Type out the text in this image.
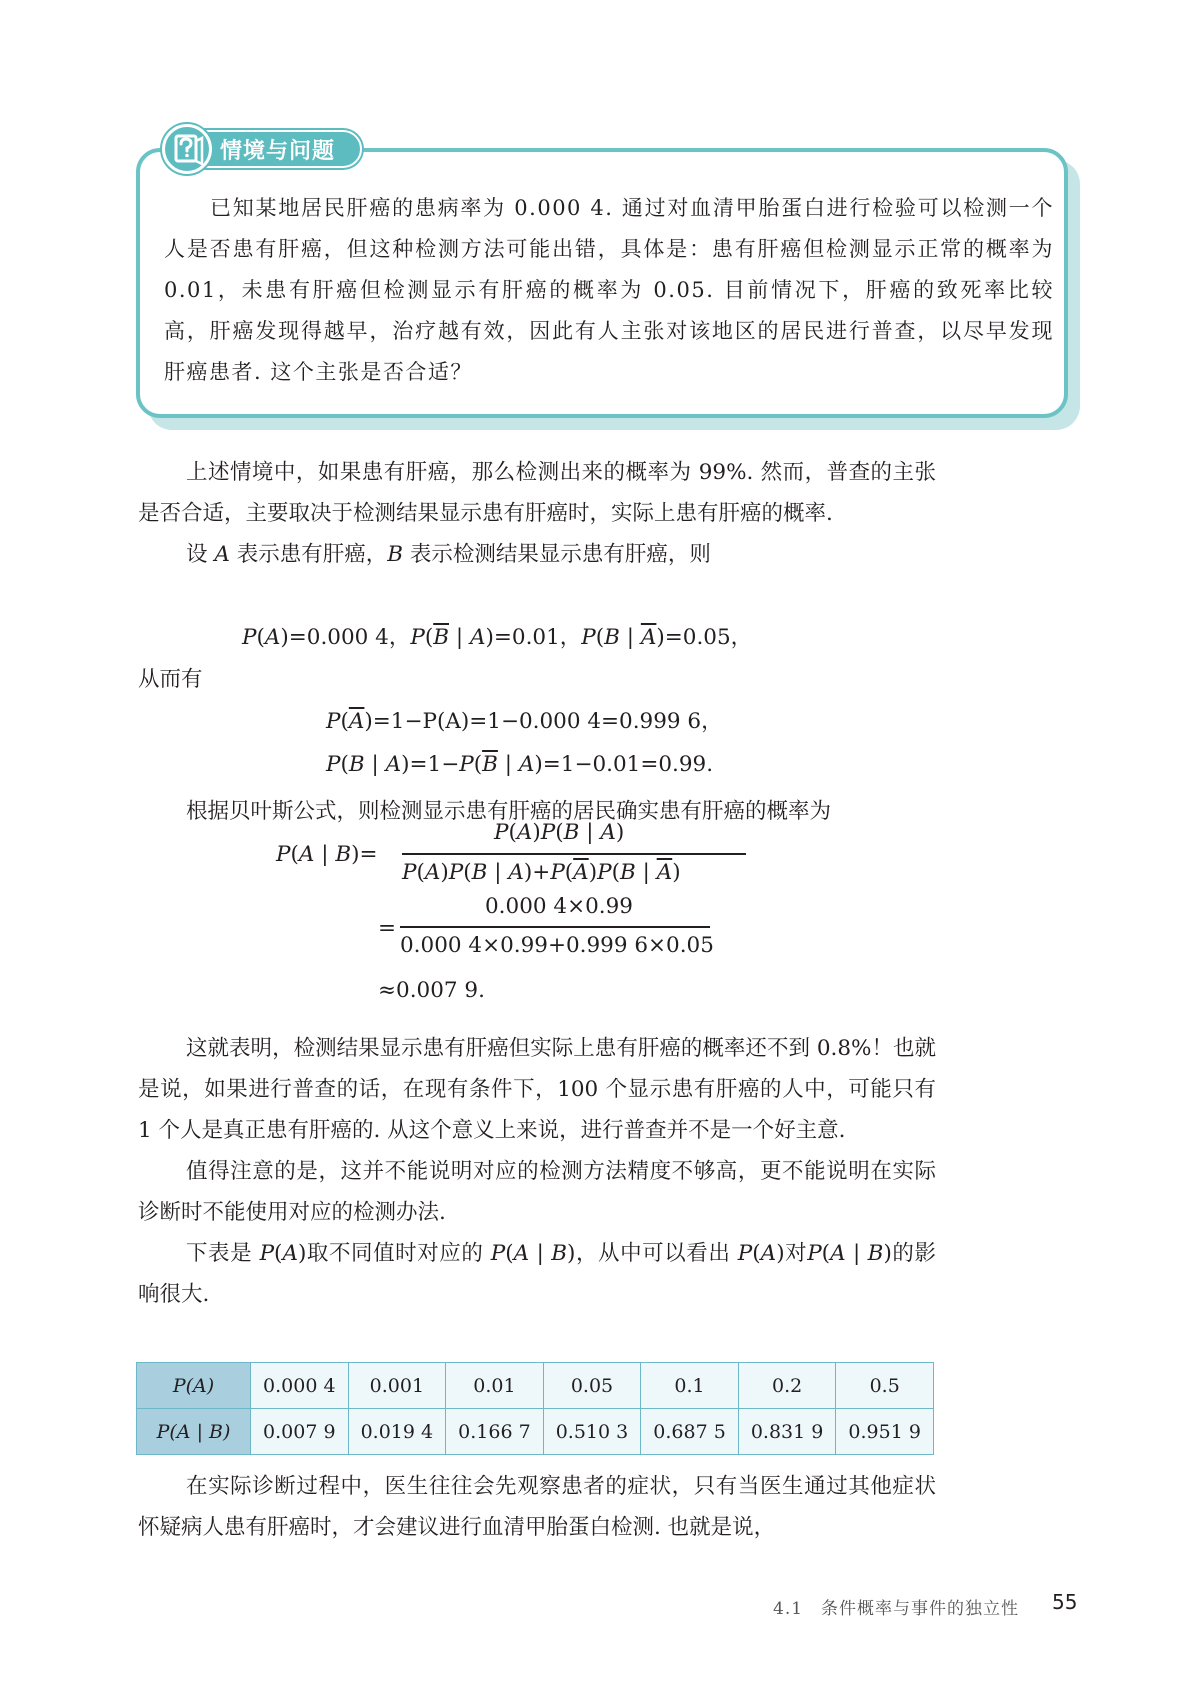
情境与问题
已知某地居民肝癌的患病率为 0.000 4. 通过对血清甲胎蛋白进行检验可以检测一个人是否患有肝癌，但这种检测方法可能出错，具体是：患有肝癌但检测显示正常的概率为 0.01，未患有肝癌但检测显示有肝癌的概率为 0.05. 目前情况下，肝癌的致死率比较高，肝癌发现得越早，治疗越有效，因此有人主张对该地区的居民进行普查，以尽早发现肝癌患者. 这个主张是否合适？
上述情境中，如果患有肝癌，那么检测出来的概率为 99%. 然而，普查的主张是否合适，主要取决于检测结果显示患有肝癌时，实际上患有肝癌的概率.
设 A 表示患有肝癌，B 表示检测结果显示患有肝癌，则
P(A)=0.000 4，$P(\overline{B}$ | A)=0.01，P(B | $\overline{A})=0.05$，
从而有
$P(\overline{A})=1-P(A)=1-0.000$ 4=0.999 6，
P(B | $A)=1-P(\overline{B}$ | A)=1−0.01=0.99.
根据贝叶斯公式，则检测显示患有肝癌的居民确实患有肝癌的概率为
P(A | B)=
P(A)P(B | A)
P(A)P(B | $A)+P(\overline{A})P(B$ | $\overline{A}$)
=
0.000 4×0.99
0.000 4×0.99+0.999 6×0.05
≈0.007 9.
这就表明，检测结果显示患有肝癌但实际上患有肝癌的概率还不到 0.8%！也就是说，如果进行普查的话，在现有条件下，100 个显示患有肝癌的人中，可能只有 1 个人是真正患有肝癌的. 从这个意义上来说，进行普查并不是一个好主意.
值得注意的是，这并不能说明对应的检测方法精度不够高，更不能说明在实际诊断时不能使用对应的检测办法.
下表是 P(A)取不同值时对应的 P(A | B)，从中可以看出 P(A)对P(A | B)的影响很大.
P(A)	0.000 4	0.001	0.01	0.05	0.1	0.2	0.5
P(A | B)	0.007 9	0.019 4	0.166 7	0.510 3	0.687 5	0.831 9	0.951 9
在实际诊断过程中，医生往往会先观察患者的症状，只有当医生通过其他症状怀疑病人患有肝癌时，才会建议进行血清甲胎蛋白检测. 也就是说，
4.1　条件概率与事件的独立性 55
